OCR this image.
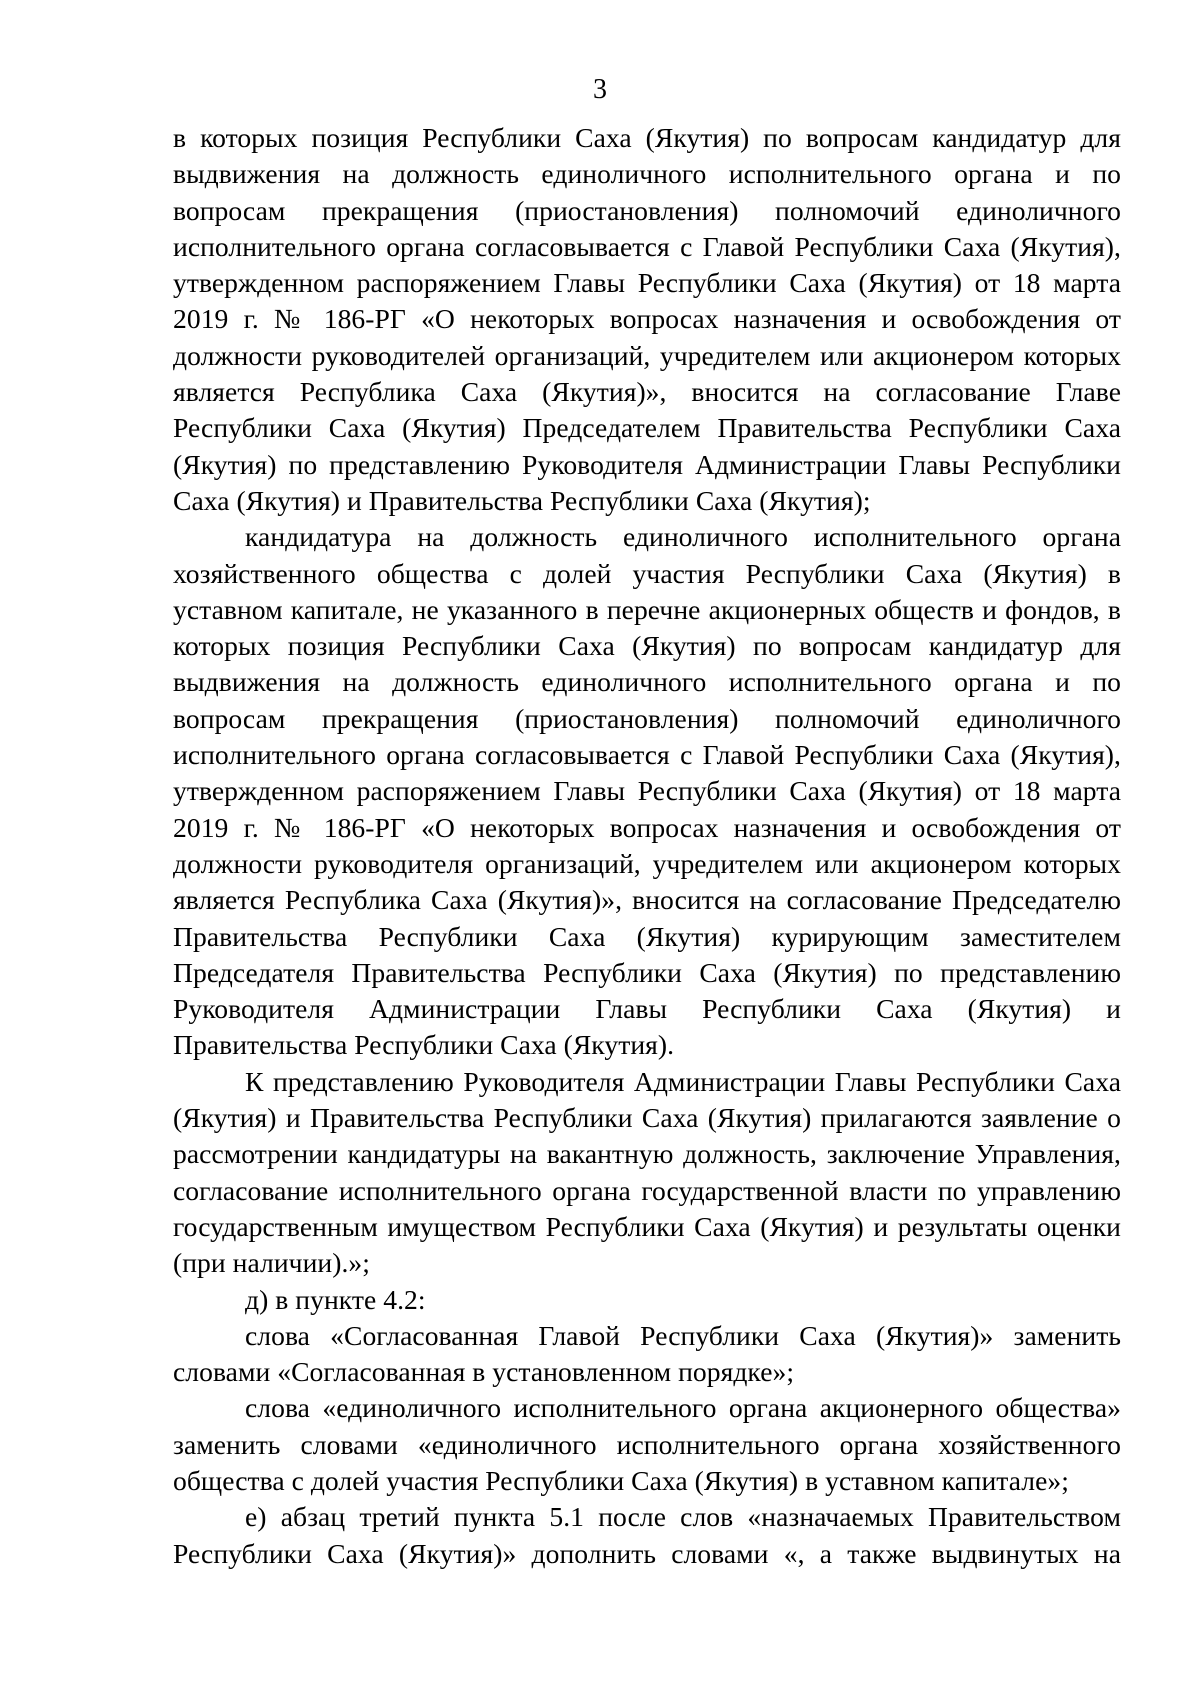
3

в которых позиция Республики Саха (Якутия) по вопросам кандидатур для выдвижения на должность единоличного исполнительного органа и по вопросам прекращения (приостановления) полномочий единоличного исполнительного органа согласовывается с Главой Республики Саха (Якутия), утвержденном распоряжением Главы Республики Саха (Якутия) от 18 марта 2019 г. № 186-РГ «О некоторых вопросах назначения и освобождения от должности руководителей организаций, учредителем или акционером которых является Республика Саха (Якутия)», вносится на согласование Главе Республики Саха (Якутия) Председателем Правительства Республики Саха (Якутия) по представлению Руководителя Администрации Главы Республики Саха (Якутия) и Правительства Республики Саха (Якутия);

кандидатура на должность единоличного исполнительного органа хозяйственного общества с долей участия Республики Саха (Якутия) в уставном капитале, не указанного в перечне акционерных обществ и фондов, в которых позиция Республики Саха (Якутия) по вопросам кандидатур для выдвижения на должность единоличного исполнительного органа и по вопросам прекращения (приостановления) полномочий единоличного исполнительного органа согласовывается с Главой Республики Саха (Якутия), утвержденном распоряжением Главы Республики Саха (Якутия) от 18 марта 2019 г. № 186-РГ «О некоторых вопросах назначения и освобождения от должности руководителя организаций, учредителем или акционером которых является Республика Саха (Якутия)», вносится на согласование Председателю Правительства Республики Саха (Якутия) курирующим заместителем Председателя Правительства Республики Саха (Якутия) по представлению Руководителя Администрации Главы Республики Саха (Якутия) и Правительства Республики Саха (Якутия).

К представлению Руководителя Администрации Главы Республики Саха (Якутия) и Правительства Республики Саха (Якутия) прилагаются заявление о рассмотрении кандидатуры на вакантную должность, заключение Управления, согласование исполнительного органа государственной власти по управлению государственным имуществом Республики Саха (Якутия) и результаты оценки (при наличии).»;

д) в пункте 4.2:

слова «Согласованная Главой Республики Саха (Якутия)» заменить словами «Согласованная в установленном порядке»;

слова «единоличного исполнительного органа акционерного общества» заменить словами «единоличного исполнительного органа хозяйственного общества с долей участия Республики Саха (Якутия) в уставном капитале»;

е) абзац третий пункта 5.1 после слов «назначаемых Правительством Республики Саха (Якутия)» дополнить словами «, а также выдвинутых на
